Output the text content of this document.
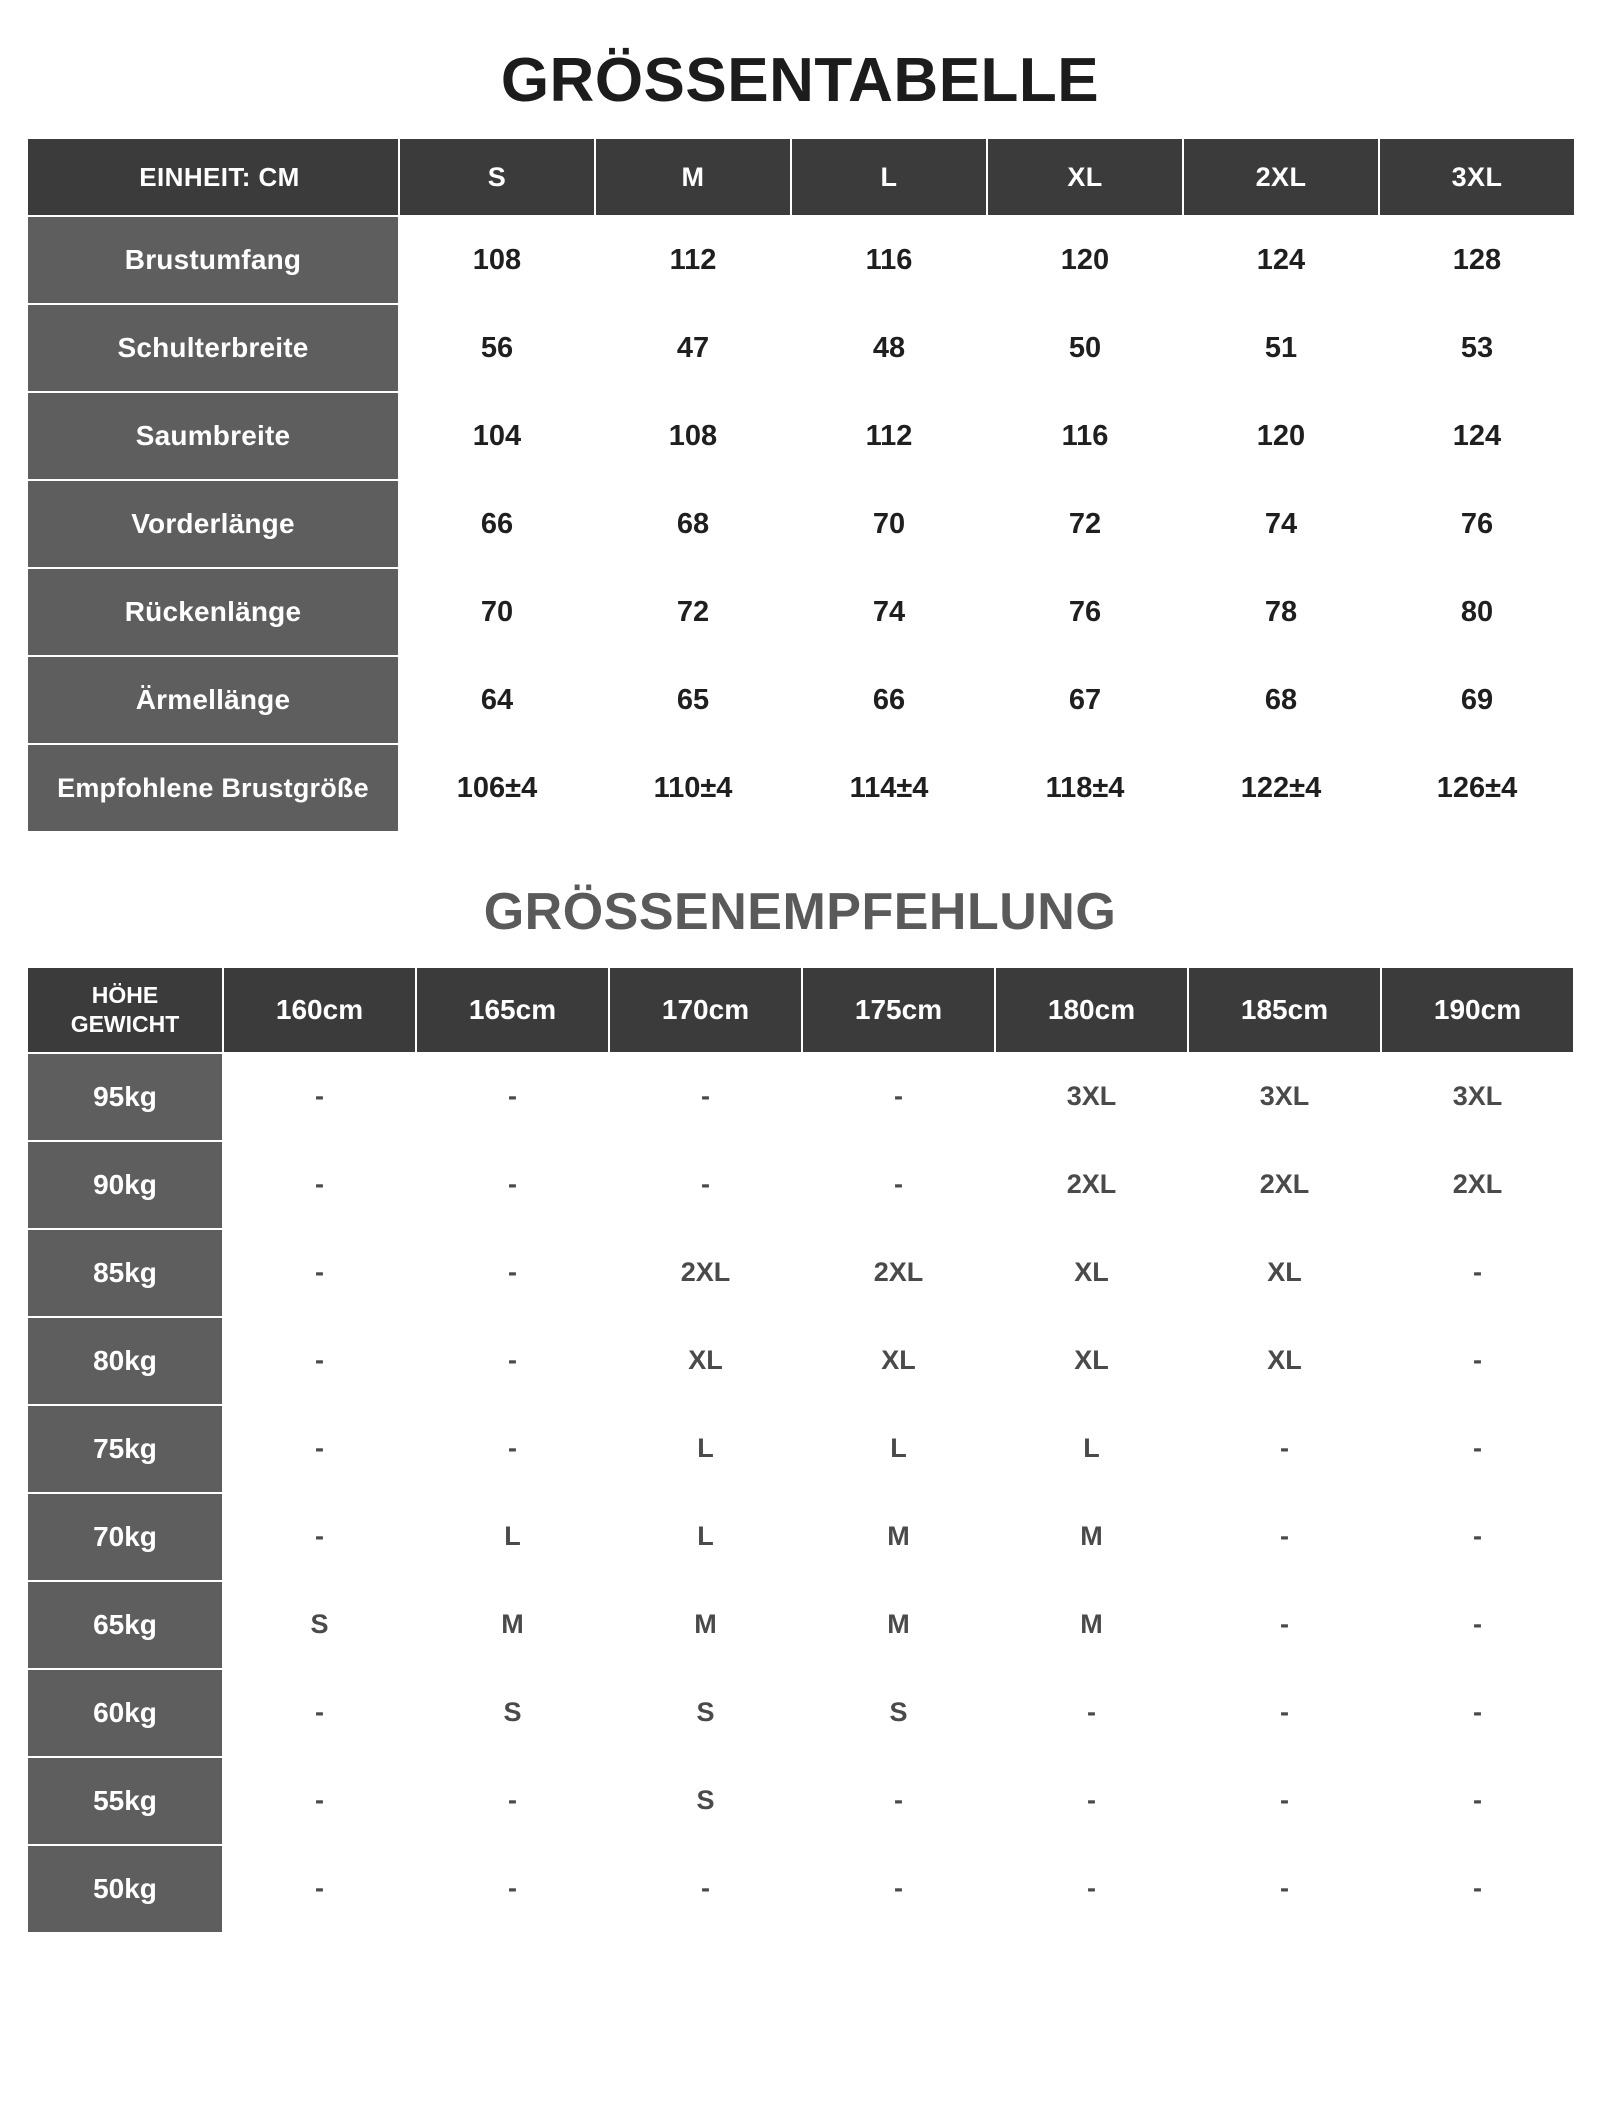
GRÖSSENTABELLE
EINHEIT: CM	S	M	L	XL	2XL	3XL
Brustumfang	108	112	116	120	124	128
Schulterbreite	56	47	48	50	51	53
Saumbreite	104	108	112	116	120	124
Vorderlänge	66	68	70	72	74	76
Rückenlänge	70	72	74	76	78	80
Ärmellänge	64	65	66	67	68	69
Empfohlene Brustgröße	106±4	110±4	114±4	118±4	122±4	126±4
GRÖSSENEMPFEHLUNG
HÖHE
GEWICHT	160cm	165cm	170cm	175cm	180cm	185cm	190cm
95kg	-	-	-	-	3XL	3XL	3XL
90kg	-	-	-	-	2XL	2XL	2XL
85kg	-	-	2XL	2XL	XL	XL	-
80kg	-	-	XL	XL	XL	XL	-
75kg	-	-	L	L	L	-	-
70kg	-	L	L	M	M	-	-
65kg	S	M	M	M	M	-	-
60kg	-	S	S	S	-	-	-
55kg	-	-	S	-	-	-	-
50kg	-	-	-	-	-	-	-
